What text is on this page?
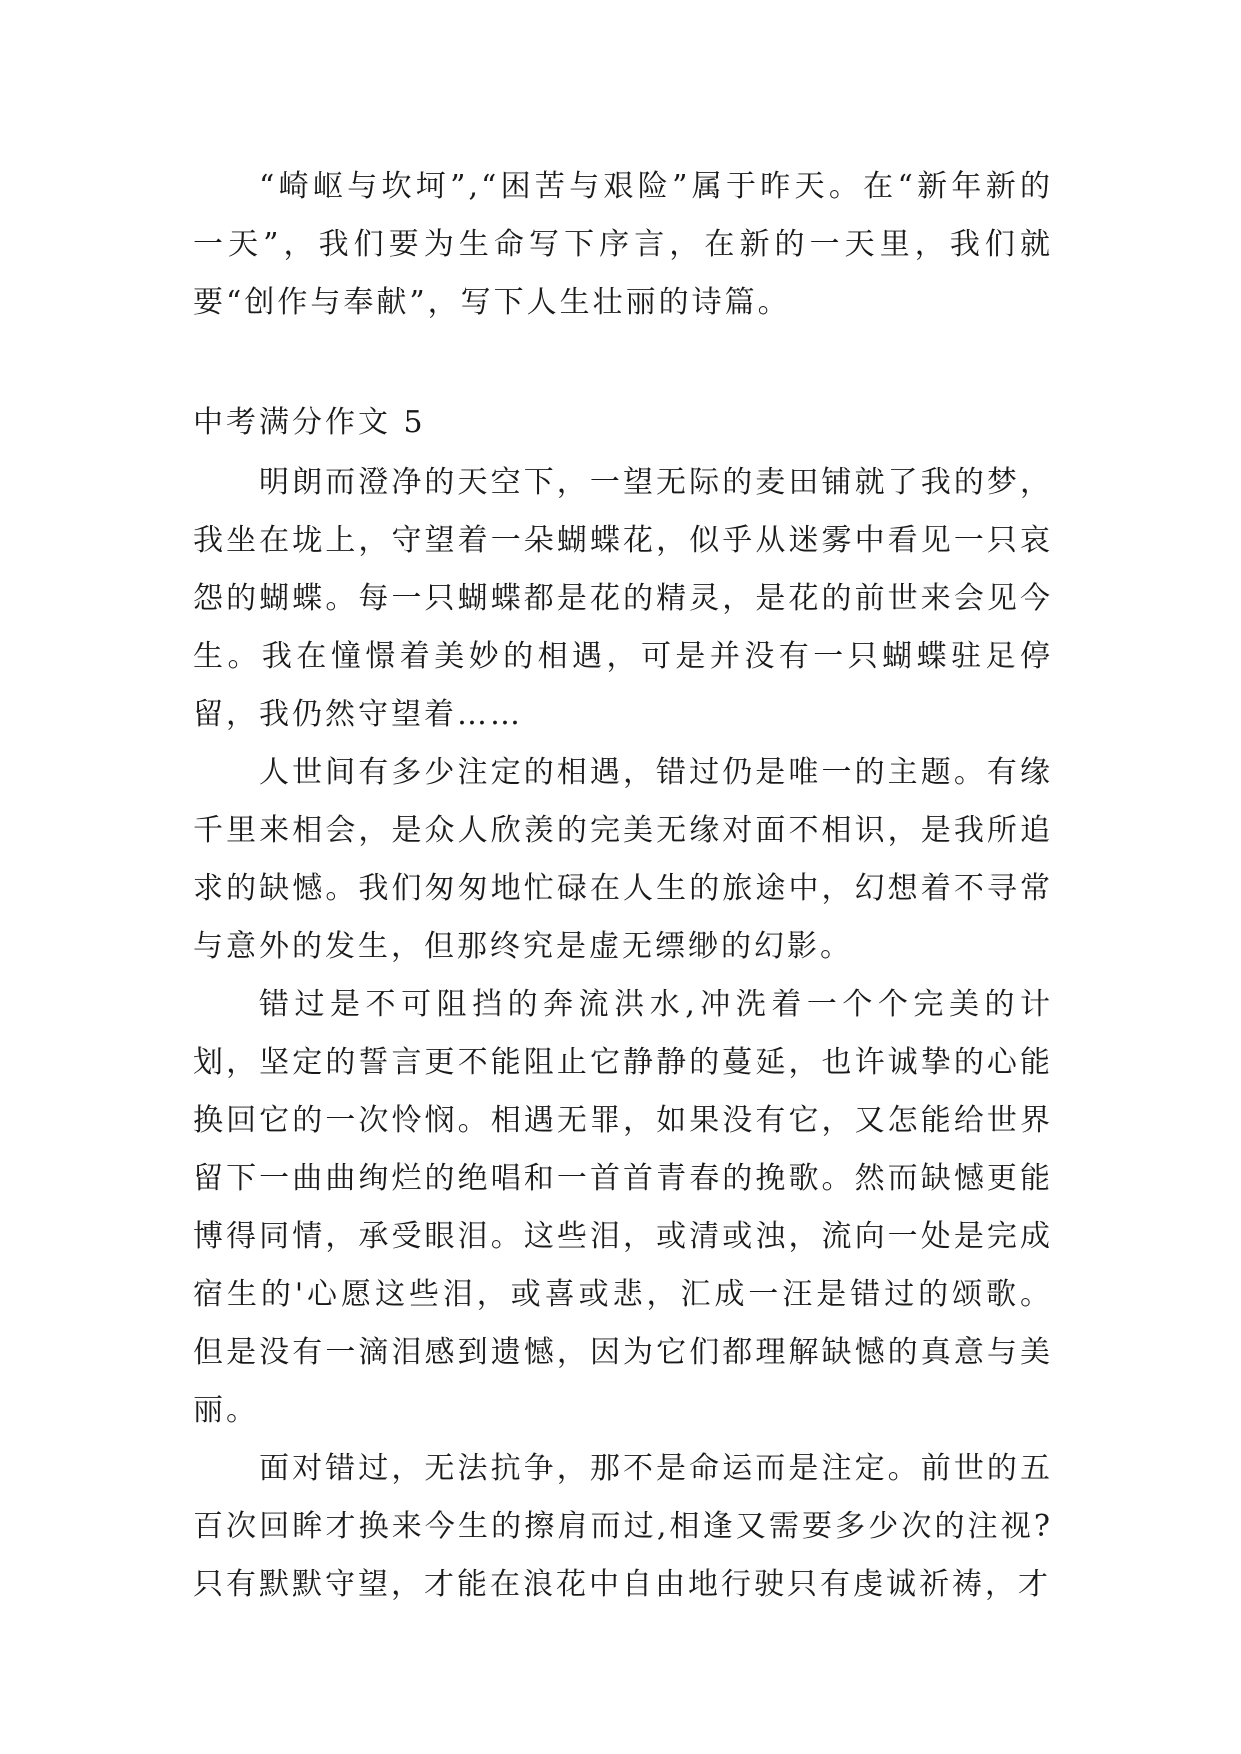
“崎岖与坎坷”,“困苦与艰险”属于昨天。在“新年新的一天”，我们要为生命写下序言，在新的一天里，我们就要“创作与奉献”，写下人生壮丽的诗篇。

中考满分作文 5

明朗而澄净的天空下，一望无际的麦田铺就了我的梦，我坐在垅上，守望着一朵蝴蝶花，似乎从迷雾中看见一只哀怨的蝴蝶。每一只蝴蝶都是花的精灵，是花的前世来会见今生。我在憧憬着美妙的相遇，可是并没有一只蝴蝶驻足停留，我仍然守望着……

人世间有多少注定的相遇，错过仍是唯一的主题。有缘千里来相会，是众人欣羡的完美无缘对面不相识，是我所追求的缺憾。我们匆匆地忙碌在人生的旅途中，幻想着不寻常与意外的发生，但那终究是虚无缥缈的幻影。

错过是不可阻挡的奔流洪水,冲洗着一个个完美的计划，坚定的誓言更不能阻止它静静的蔓延，也许诚挚的心能换回它的一次怜悯。相遇无罪，如果没有它，又怎能给世界留下一曲曲绚烂的绝唱和一首首青春的挽歌。然而缺憾更能博得同情，承受眼泪。这些泪，或清或浊，流向一处是完成宿生的'心愿这些泪，或喜或悲，汇成一汪是错过的颂歌。但是没有一滴泪感到遗憾，因为它们都理解缺憾的真意与美丽。

面对错过，无法抗争，那不是命运而是注定。前世的五百次回眸才换来今生的擦肩而过,相逢又需要多少次的注视?只有默默守望，才能在浪花中自由地行驶只有虔诚祈祷，才
